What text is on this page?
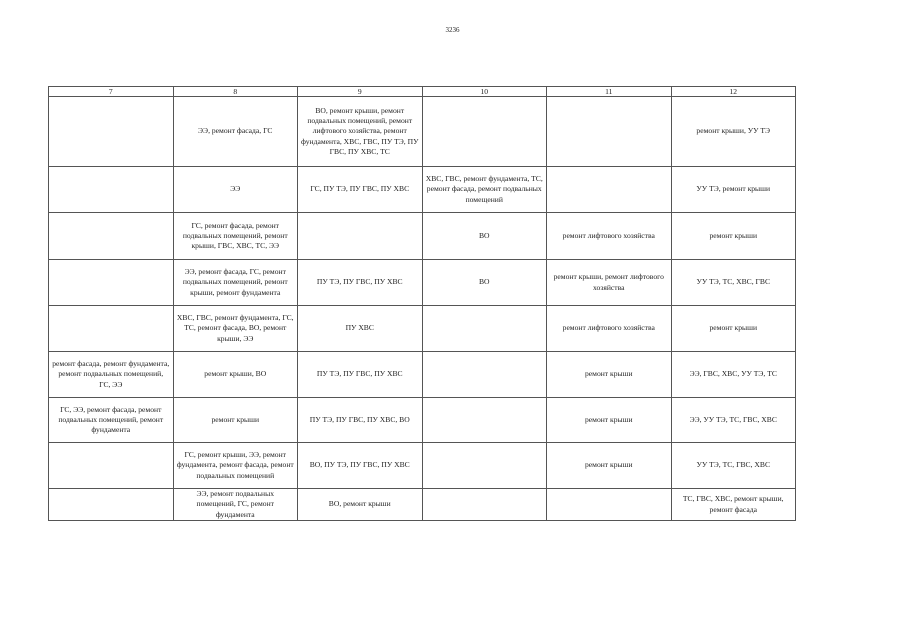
3236
7	8	9	10	11	12
	ЭЭ, ремонт фасада, ГС	ВО, ремонт крыши, ремонт подвальных помещений, ремонт лифтового хозяйства, ремонт фундамента, ХВС, ГВС, ПУ ТЭ, ПУ ГВС, ПУ ХВС, ТС			ремонт крыши, УУ ТЭ
	ЭЭ	ГС, ПУ ТЭ, ПУ ГВС, ПУ ХВС	ХВС, ГВС, ремонт фундамента, ТС, ремонт фасада, ремонт подвальных помещений		УУ ТЭ, ремонт крыши
	ГС, ремонт фасада, ремонт подвальных помещений, ремонт крыши, ГВС, ХВС, ТС, ЭЭ		ВО	ремонт лифтового хозяйства	ремонт крыши
	ЭЭ, ремонт фасада, ГС, ремонт подвальных помещений, ремонт крыши, ремонт фундамента	ПУ ТЭ, ПУ ГВС, ПУ ХВС	ВО	ремонт крыши, ремонт лифтового хозяйства	УУ ТЭ, ТС, ХВС, ГВС
	ХВС, ГВС, ремонт фундамента, ГС, ТС, ремонт фасада, ВО, ремонт крыши, ЭЭ	ПУ ХВС		ремонт лифтового хозяйства	ремонт крыши
ремонт фасада, ремонт фундамента, ремонт подвальных помещений, ГС, ЭЭ	ремонт крыши, ВО	ПУ ТЭ, ПУ ГВС, ПУ ХВС		ремонт крыши	ЭЭ, ГВС, ХВС, УУ ТЭ, ТС
ГС, ЭЭ, ремонт фасада, ремонт подвальных помещений, ремонт фундамента	ремонт крыши	ПУ ТЭ, ПУ ГВС, ПУ ХВС, ВО		ремонт крыши	ЭЭ, УУ ТЭ, ТС, ГВС, ХВС
	ГС, ремонт крыши, ЭЭ, ремонт фундамента, ремонт фасада, ремонт подвальных помещений	ВО, ПУ ТЭ, ПУ ГВС, ПУ ХВС		ремонт крыши	УУ ТЭ, ТС, ГВС, ХВС
	ЭЭ, ремонт подвальных помещений, ГС, ремонт фундамента	ВО, ремонт крыши			ТС, ГВС, ХВС, ремонт крыши, ремонт фасада
